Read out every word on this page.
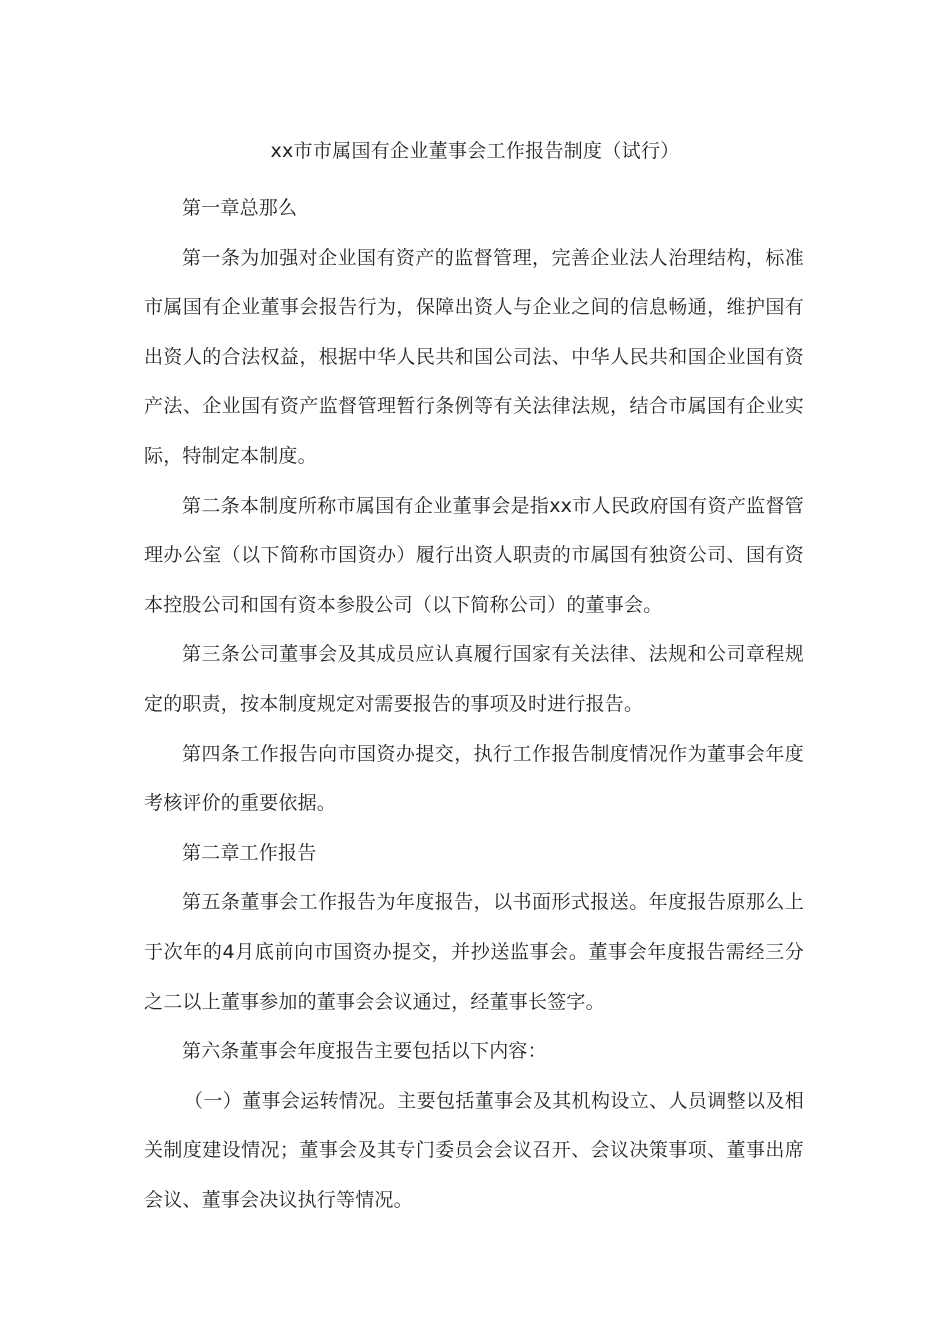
xx市市属国有企业董事会工作报告制度（试行）

第一章总那么

第一条为加强对企业国有资产的监督管理，完善企业法人治理结构，标准市属国有企业董事会报告行为，保障出资人与企业之间的信息畅通，维护国有出资人的合法权益，根据中华人民共和国公司法、中华人民共和国企业国有资产法、企业国有资产监督管理暂行条例等有关法律法规，结合市属国有企业实际，特制定本制度。

第二条本制度所称市属国有企业董事会是指xx市人民政府国有资产监督管理办公室（以下简称市国资办）履行出资人职责的市属国有独资公司、国有资本控股公司和国有资本参股公司（以下简称公司）的董事会。

第三条公司董事会及其成员应认真履行国家有关法律、法规和公司章程规定的职责，按本制度规定对需要报告的事项及时进行报告。

第四条工作报告向市国资办提交，执行工作报告制度情况作为董事会年度考核评价的重要依据。

第二章工作报告

第五条董事会工作报告为年度报告，以书面形式报送。年度报告原那么上于次年的4月底前向市国资办提交，并抄送监事会。董事会年度报告需经三分之二以上董事参加的董事会会议通过，经董事长签字。

第六条董事会年度报告主要包括以下内容：

（一）董事会运转情况。主要包括董事会及其机构设立、人员调整以及相关制度建设情况；董事会及其专门委员会会议召开、会议决策事项、董事出席会议、董事会决议执行等情况。
